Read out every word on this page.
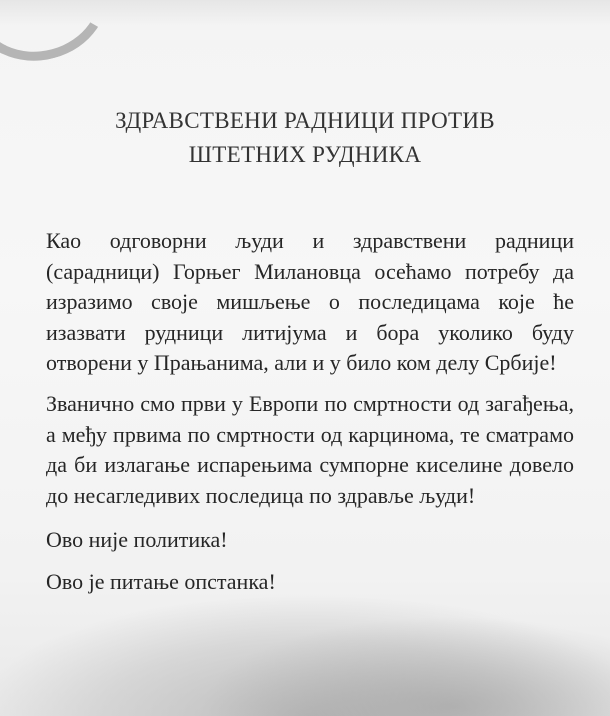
ЗДРАВСТВЕНИ РАДНИЦИ ПРОТИВ
ШТЕТНИХ РУДНИКА

Као одговорни људи и здравствени радници (сарадници) Горњег Милановца осећамо потребу да изразимо своје мишљење о последицама које ће изазвати рудници литијума и бора уколико буду отворени у Прањанима, али и у било ком делу Србије!

Званично смо први у Европи по смртности од загађења, а међу првима по смртности од карцинома, те сматрамо да би излагање испарењима сумпорне киселине довело до несагледивих последица по здравље људи!

Ово није политика!

Ово је питање опстанка!
